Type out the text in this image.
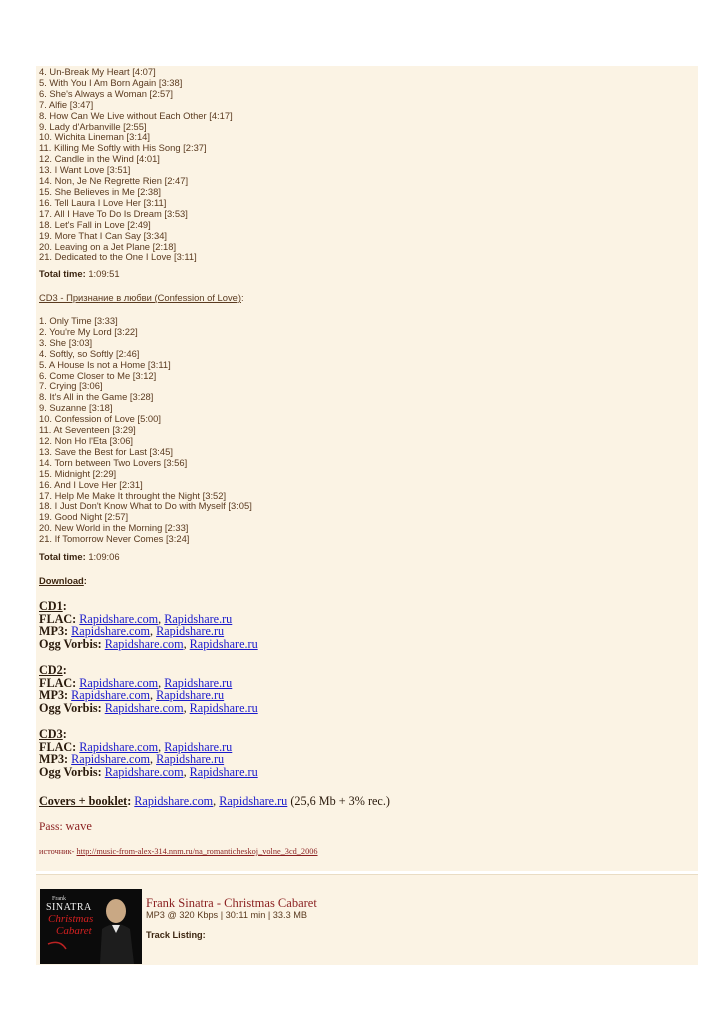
4. Un-Break My Heart [4:07]
5. With You I Am Born Again [3:38]
6. She's Always a Woman [2:57]
7. Alfie [3:47]
8. How Can We Live without Each Other [4:17]
9. Lady d'Arbanville [2:55]
10. Wichita Lineman [3:14]
11. Killing Me Softly with His Song [2:37]
12. Candle in the Wind [4:01]
13. I Want Love [3:51]
14. Non, Je Ne Regrette Rien [2:47]
15. She Believes in Me [2:38]
16. Tell Laura I Love Her [3:11]
17. All I Have To Do Is Dream [3:53]
18. Let's Fall in Love [2:49]
19. More That I Can Say [3:34]
20. Leaving on a Jet Plane [2:18]
21. Dedicated to the One I Love [3:11]
Total time: 1:09:51
CD3 - Признание в любви (Confession of Love):
1. Only Time [3:33]
2. You're My Lord [3:22]
3. She [3:03]
4. Softly, so Softly [2:46]
5. A House Is not a Home [3:11]
6. Come Closer to Me [3:12]
7. Crying [3:06]
8. It's All in the Game [3:28]
9. Suzanne [3:18]
10. Confession of Love [5:00]
11. At Seventeen [3:29]
12. Non Ho l'Eta [3:06]
13. Save the Best for Last [3:45]
14. Torn between Two Lovers [3:56]
15. Midnight [2:29]
16. And I Love Her [2:31]
17. Help Me Make It throught the Night [3:52]
18. I Just Don't Know What to Do with Myself [3:05]
19. Good Night [2:57]
20. New World in the Morning [2:33]
21. If Tomorrow Never Comes [3:24]
Total time: 1:09:06
Download:
CD1:
FLAC: Rapidshare.com, Rapidshare.ru
MP3: Rapidshare.com, Rapidshare.ru
Ogg Vorbis: Rapidshare.com, Rapidshare.ru
CD2:
FLAC: Rapidshare.com, Rapidshare.ru
MP3: Rapidshare.com, Rapidshare.ru
Ogg Vorbis: Rapidshare.com, Rapidshare.ru
CD3:
FLAC: Rapidshare.com, Rapidshare.ru
MP3: Rapidshare.com, Rapidshare.ru
Ogg Vorbis: Rapidshare.com, Rapidshare.ru
Covers + booklet: Rapidshare.com, Rapidshare.ru (25,6 Mb + 3% rec.)
Pass: wave
источник- http://music-from-alex-314.nnm.ru/na_romanticheskoj_volne_3cd_2006
Frank
SINATRA
Christmas
Cabaret
Frank Sinatra - Christmas Cabaret
MP3 @ 320 Kbps | 30:11 min | 33.3 MB
Track Listing:
